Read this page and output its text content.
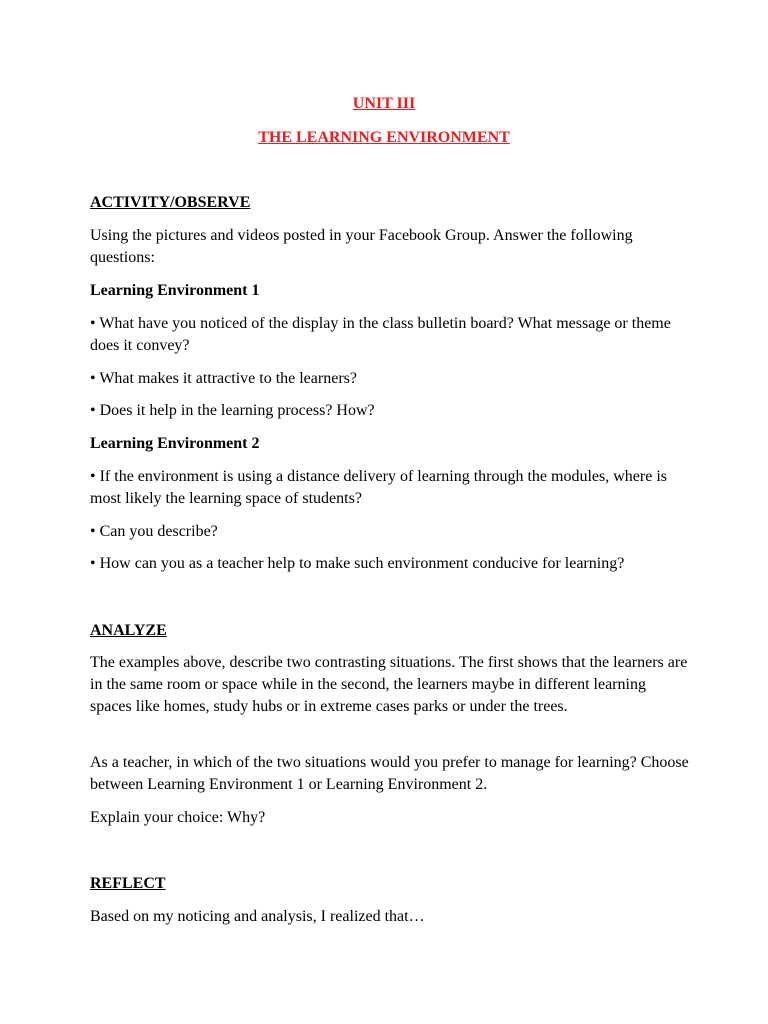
UNIT III
THE LEARNING ENVIRONMENT
ACTIVITY/OBSERVE
Using the pictures and videos posted in your Facebook Group. Answer the following questions:
Learning Environment 1
• What have you noticed of the display in the class bulletin board? What message or theme does it convey?
• What makes it attractive to the learners?
• Does it help in the learning process? How?
Learning Environment 2
• If the environment is using a distance delivery of learning through the modules, where is most likely the learning space of students?
• Can you describe?
• How can you as a teacher help to make such environment conducive for learning?
ANALYZE
The examples above, describe two contrasting situations. The first shows that the learners are in the same room or space while in the second, the learners maybe in different learning spaces like homes, study hubs or in extreme cases parks or under the trees.
As a teacher, in which of the two situations would you prefer to manage for learning? Choose between Learning Environment 1 or Learning Environment 2.
Explain your choice: Why?
REFLECT
Based on my noticing and analysis, I realized that…
